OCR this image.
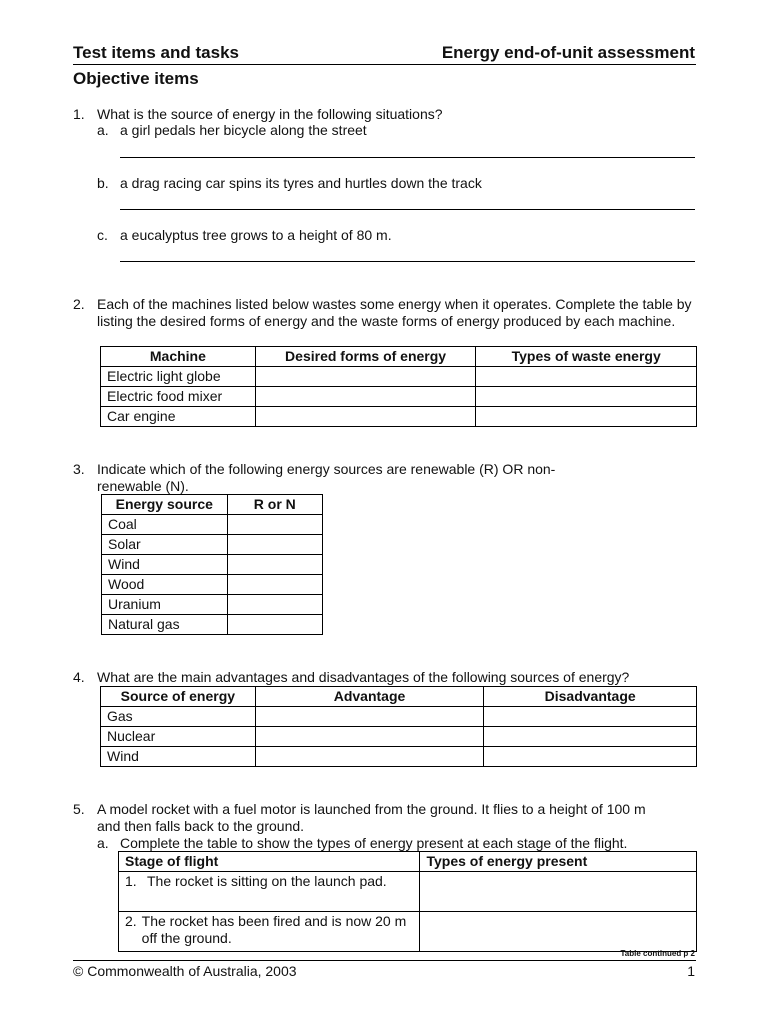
Test items and tasks	Energy end-of-unit assessment
Objective items
1. What is the source of energy in the following situations?
a. a girl pedals her bicycle along the street
b. a drag racing car spins its tyres and hurtles down the track
c. a eucalyptus tree grows to a height of 80 m.
2. Each of the machines listed below wastes some energy when it operates. Complete the table by listing the desired forms of energy and the waste forms of energy produced by each machine.
Machine	Desired forms of energy	Types of waste energy
Electric light globe		
Electric food mixer		
Car engine		
3. Indicate which of the following energy sources are renewable (R) OR non-renewable (N).
Energy source	R or N
Coal	
Solar	
Wind	
Wood	
Uranium	
Natural gas	
4. What are the main advantages and disadvantages of the following sources of energy?
Source of energy	Advantage	Disadvantage
Gas		
Nuclear		
Wind		
5. A model rocket with a fuel motor is launched from the ground. It flies to a height of 100 m and then falls back to the ground.
a. Complete the table to show the types of energy present at each stage of the flight.
Stage of flight	Types of energy present

1. The rocket is sitting on the launch pad.	

2. The rocket has been fired and is now 20 m off the ground.	

Table continued p 2
© Commonwealth of Australia, 2003	1
